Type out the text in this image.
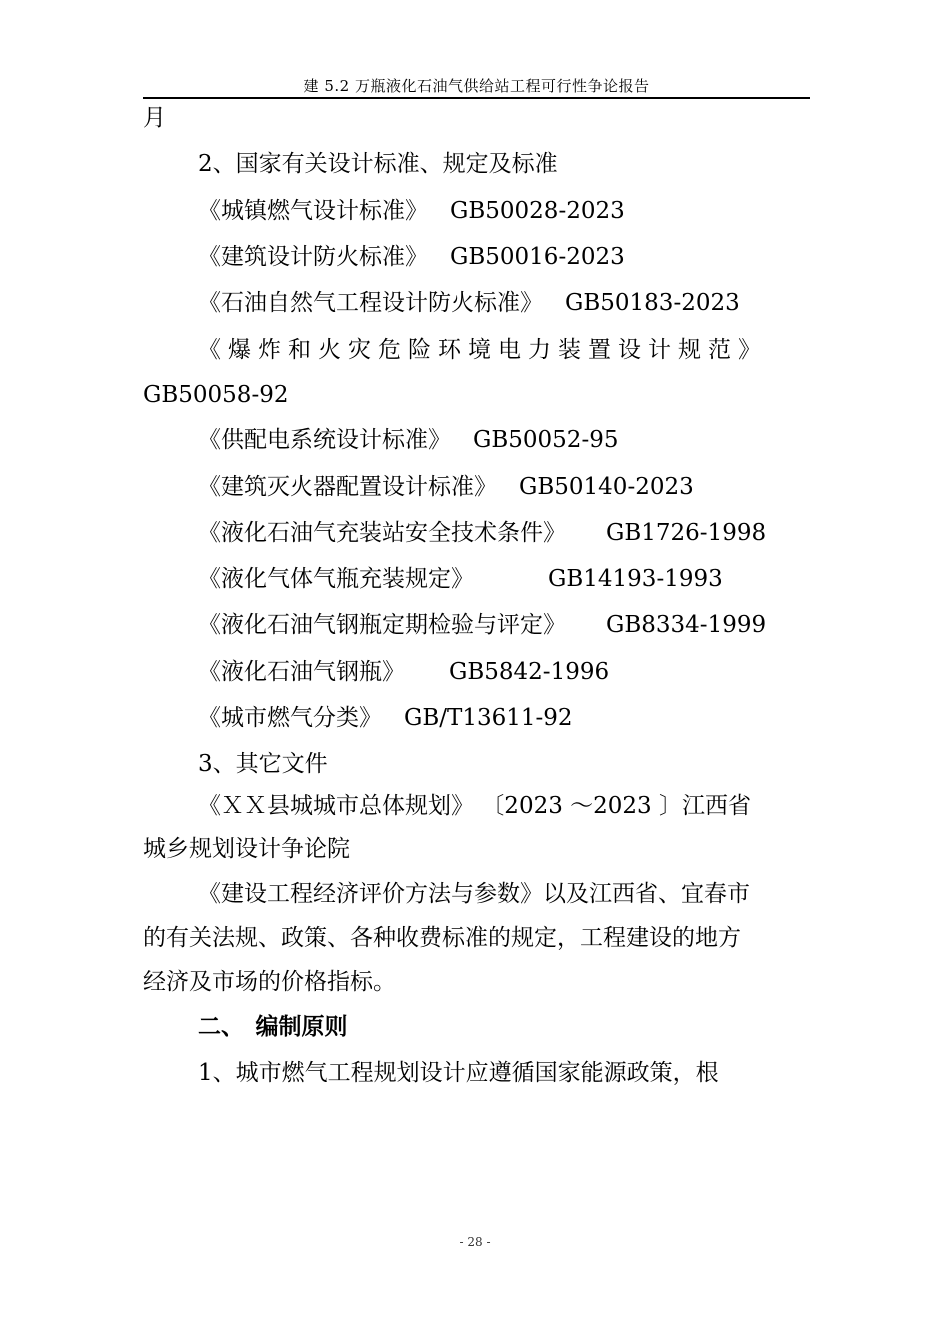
建 5.2 万瓶液化石油气供给站工程可行性争论报告
月
2、国家有关设计标准、规定及标准
《城镇燃气设计标准》 GB50028-2023
《建筑设计防火标准》 GB50016-2023
《石油自然气工程设计防火标准》 GB50183-2023
《爆炸和火灾危险环境电力装置设计规范》
GB50058-92
《供配电系统设计标准》 GB50052-95
《建筑灭火器配置设计标准》 GB50140-2023
《液化石油气充装站安全技术条件》 GB1726-1998
《液化气体气瓶充装规定》	GB14193-1993
《液化石油气钢瓶定期检验与评定》 GB8334-1999
《液化石油气钢瓶》 GB5842-1996
《城市燃气分类》 GB/T13611-92
3、其它文件
《ＸＸ县城城市总体规划》 〔2023 ～2023 〕江西省
城乡规划设计争论院
《建设工程经济评价方法与参数》以及江西省、宜春市
的有关法规、政策、各种收费标准的规定，工程建设的地方
经济及市场的价格指标。
二、　编制原则
1、城市燃气工程规划设计应遵循国家能源政策，根
- 28 -
